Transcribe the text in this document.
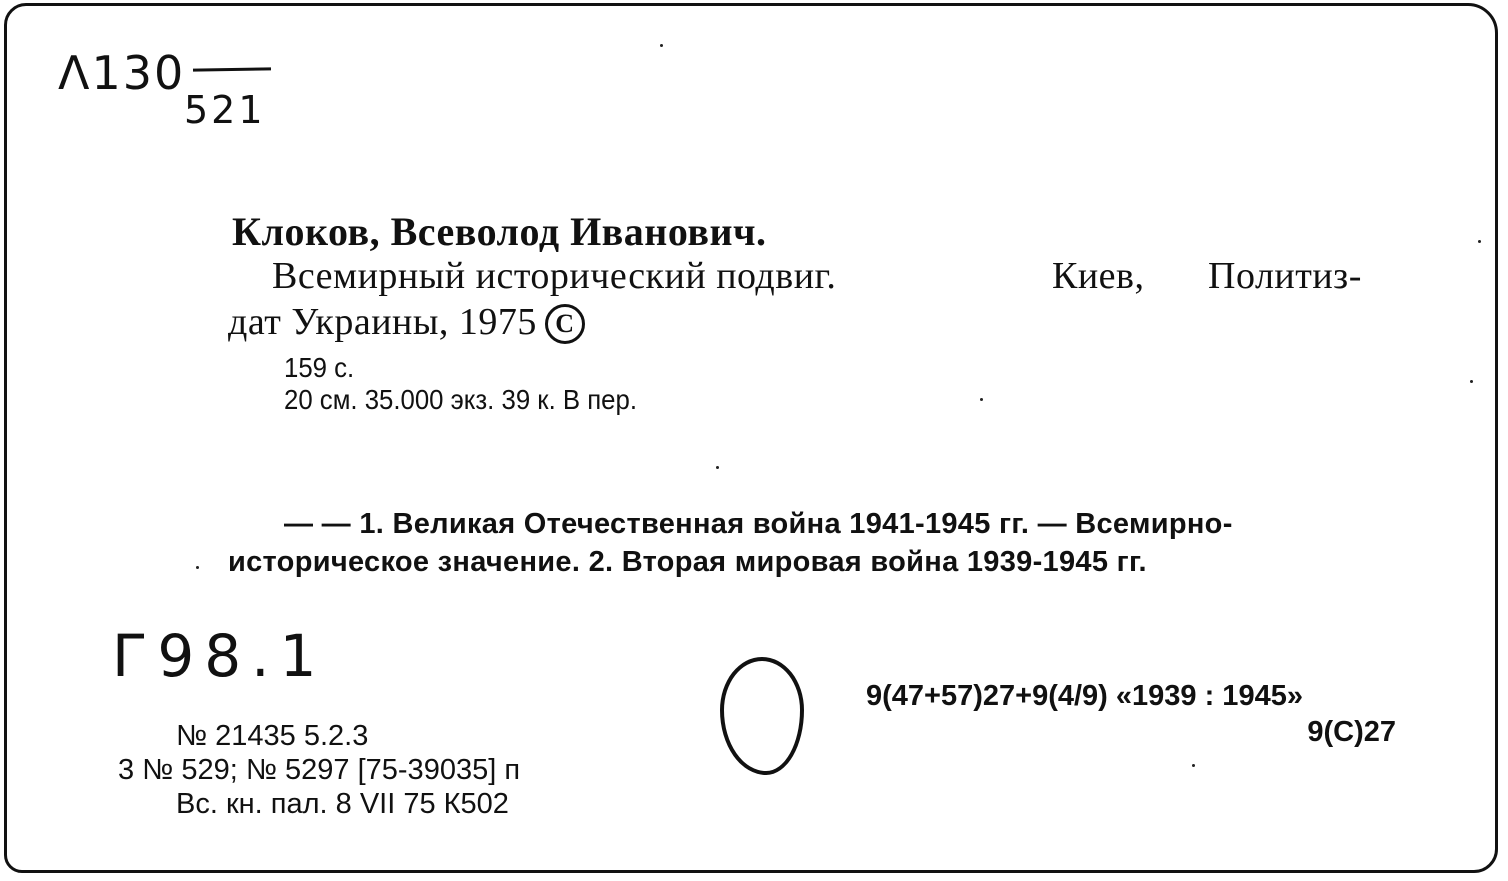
Λ130
521
Клоков, Всеволод Иванович.
Всемирный исторический подвиг.	Киев, Политиз-
дат Украины, 1975 C
159 с.
20 см. 35.000 экз. 39 к. В пер.
— — 1. Великая Отечественная война 1941-1945 гг. — Всемирно-
историческое значение. 2. Вторая мировая война 1939-1945 гг.
Г98.1
9(47+57)27+9(4/9) «1939 : 1945»
9(С)27
№ 21435 5.2.3
3 № 529; № 5297 [75-39035] п
Вс. кн. пал. 8 VII 75 К502
